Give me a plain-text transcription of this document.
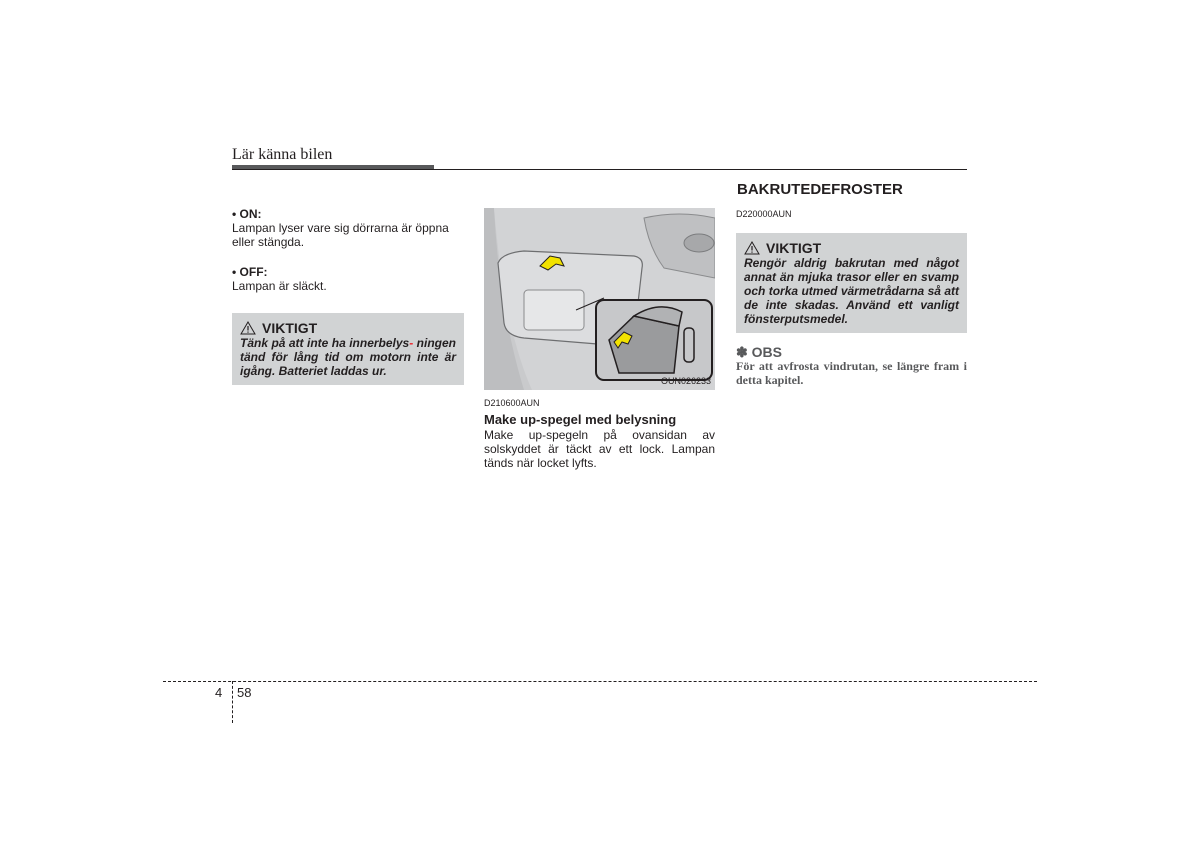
Lär känna bilen
• ON:

Lampan lyser vare sig dörrarna är öppna eller stängda.

• OFF:

Lampan är släckt.

VIKTIGT
Tänk på att inte ha innerbelys- ningen tänd för lång tid om motorn inte är igång. Batteriet laddas ur.
OUN026233
D210600AUN
Make up-spegel med belysning

Make up-spegeln på ovansidan av solskyddet är täckt av ett lock. Lampan tänds när locket lyfts.

BAKRUTEDEFROSTER
D220000AUN
VIKTIGT
Rengör aldrig bakrutan med något annat än mjuka trasor eller en svamp och torka utmed värmetrådarna så att de inte skadas. Använd ett vanligt fönsterputsmedel.
✽ OBS
För att avfrosta vindrutan, se längre fram i detta kapitel.
4 58
